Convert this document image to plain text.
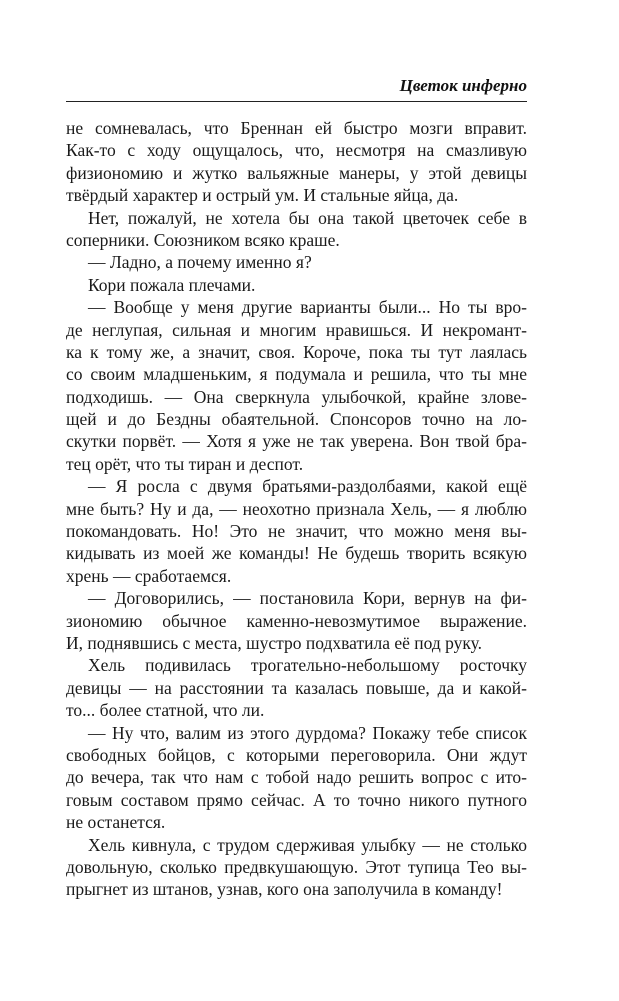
Цветок инферно
не сомневалась, что Бреннан ей быстро мозги вправит.
Как-то с ходу ощущалось, что, несмотря на смазливую
физиономию и жутко вальяжные манеры, у этой девицы
твёрдый характер и острый ум. И стальные яйца, да.
Нет, пожалуй, не хотела бы она такой цветочек себе в
соперники. Союзником всяко краше.
— Ладно, а почему именно я?
Кори пожала плечами.
— Вообще у меня другие варианты были... Но ты вро-
де неглупая, сильная и многим нравишься. И некромант-
ка к тому же, а значит, своя. Короче, пока ты тут лаялась
со своим младшеньким, я подумала и решила, что ты мне
подходишь. — Она сверкнула улыбочкой, крайне злове-
щей и до Бездны обаятельной. Спонсоров точно на ло-
скутки порвёт. — Хотя я уже не так уверена. Вон твой бра-
тец орёт, что ты тиран и деспот.
— Я росла с двумя братьями-раздолбаями, какой ещё
мне быть? Ну и да, — неохотно признала Хель, — я люблю
покомандовать. Но! Это не значит, что можно меня вы-
кидывать из моей же команды! Не будешь творить всякую
хрень — сработаемся.
— Договорились, — постановила Кори, вернув на фи-
зиономию обычное каменно-невозмутимое выражение.
И, поднявшись с места, шустро подхватила её под руку.
Хель подивилась трогательно-небольшому росточку
девицы — на расстоянии та казалась повыше, да и какой-
то... более статной, что ли.
— Ну что, валим из этого дурдома? Покажу тебе список
свободных бойцов, с которыми переговорила. Они ждут
до вечера, так что нам с тобой надо решить вопрос с ито-
говым составом прямо сейчас. А то точно никого путного
не останется.
Хель кивнула, с трудом сдерживая улыбку — не столько
довольную, сколько предвкушающую. Этот тупица Тео вы-
прыгнет из штанов, узнав, кого она заполучила в команду!
